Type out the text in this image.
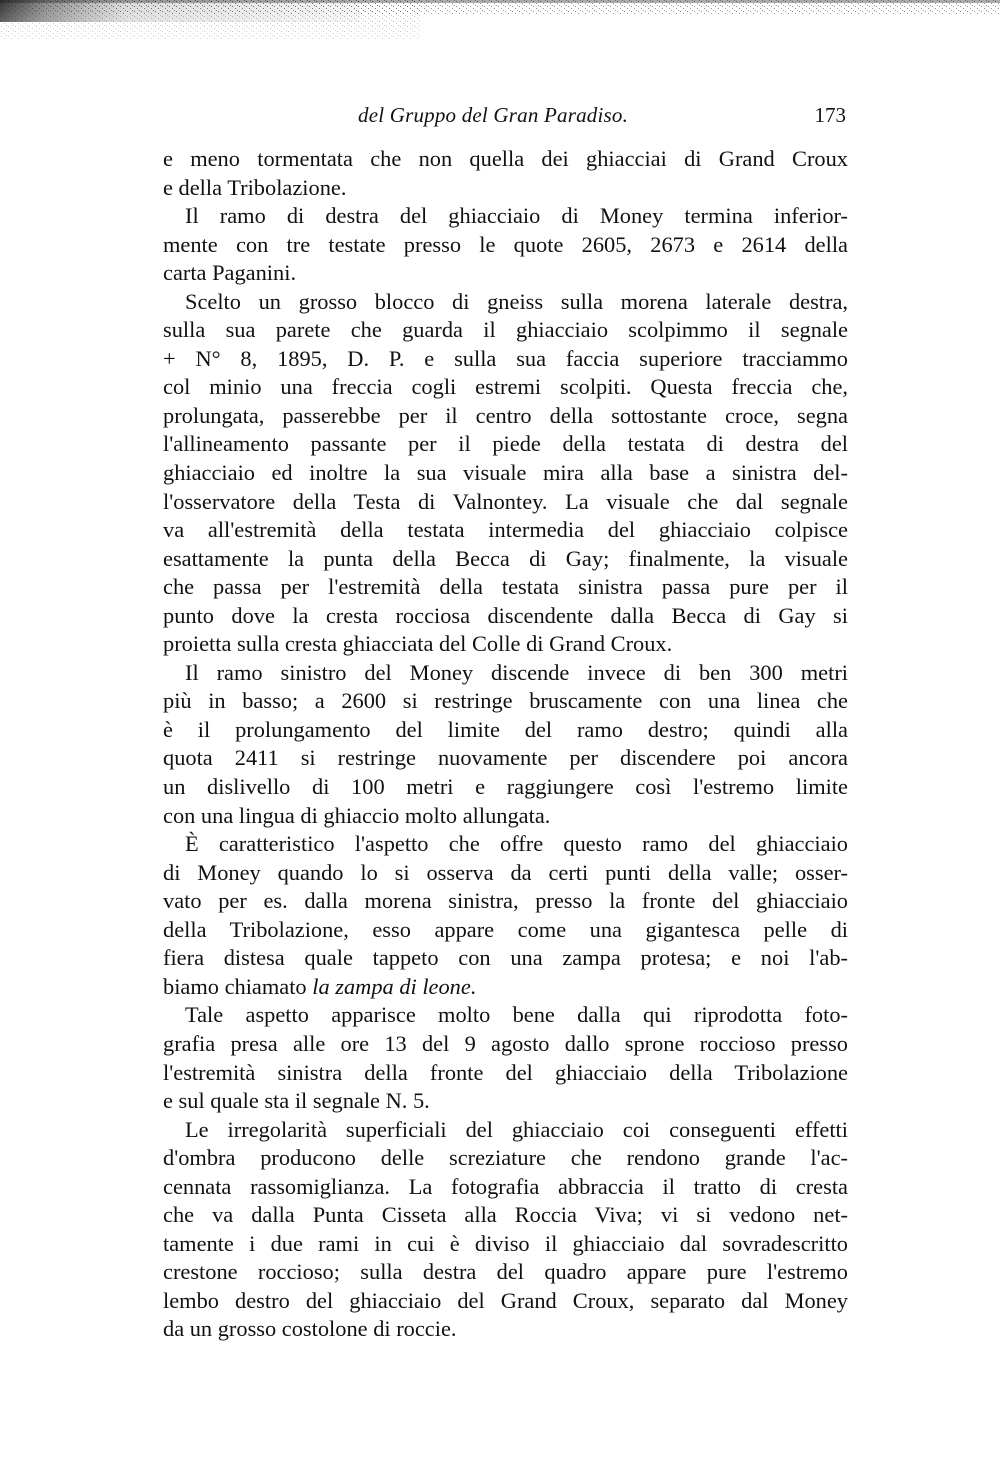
del Gruppo del Gran Paradiso.	173
e meno tormentata che non quella dei ghiacciai di Grand Croux
e della Tribolazione.
Il ramo di destra del ghiacciaio di Money termina inferior-
mente con tre testate presso le quote 2605, 2673 e 2614 della
carta Paganini.
Scelto un grosso blocco di gneiss sulla morena laterale destra,
sulla sua parete che guarda il ghiacciaio scolpimmo il segnale
+ N° 8, 1895, D. P. e sulla sua faccia superiore tracciammo
col minio una freccia cogli estremi scolpiti. Questa freccia che,
prolungata, passerebbe per il centro della sottostante croce, segna
l'allineamento passante per il piede della testata di destra del
ghiacciaio ed inoltre la sua visuale mira alla base a sinistra del-
l'osservatore della Testa di Valnontey. La visuale che dal segnale
va all'estremità della testata intermedia del ghiacciaio colpisce
esattamente la punta della Becca di Gay; finalmente, la visuale
che passa per l'estremità della testata sinistra passa pure per il
punto dove la cresta rocciosa discendente dalla Becca di Gay si
proietta sulla cresta ghiacciata del Colle di Grand Croux.
Il ramo sinistro del Money discende invece di ben 300 metri
più in basso; a 2600 si restringe bruscamente con una linea che
è il prolungamento del limite del ramo destro; quindi alla
quota 2411 si restringe nuovamente per discendere poi ancora
un dislivello di 100 metri e raggiungere così l'estremo limite
con una lingua di ghiaccio molto allungata.
È caratteristico l'aspetto che offre questo ramo del ghiacciaio
di Money quando lo si osserva da certi punti della valle; osser-
vato per es. dalla morena sinistra, presso la fronte del ghiacciaio
della Tribolazione, esso appare come una gigantesca pelle di
fiera distesa quale tappeto con una zampa protesa; e noi l'ab-
biamo chiamato la zampa di leone.
Tale aspetto apparisce molto bene dalla qui riprodotta foto-
grafia presa alle ore 13 del 9 agosto dallo sprone roccioso presso
l'estremità sinistra della fronte del ghiacciaio della Tribolazione
e sul quale sta il segnale N. 5.
Le irregolarità superficiali del ghiacciaio coi conseguenti effetti
d'ombra producono delle screziature che rendono grande l'ac-
cennata rassomiglianza. La fotografia abbraccia il tratto di cresta
che va dalla Punta Cisseta alla Roccia Viva; vi si vedono net-
tamente i due rami in cui è diviso il ghiacciaio dal sovradescritto
crestone roccioso; sulla destra del quadro appare pure l'estremo
lembo destro del ghiacciaio del Grand Croux, separato dal Money
da un grosso costolone di roccie.
